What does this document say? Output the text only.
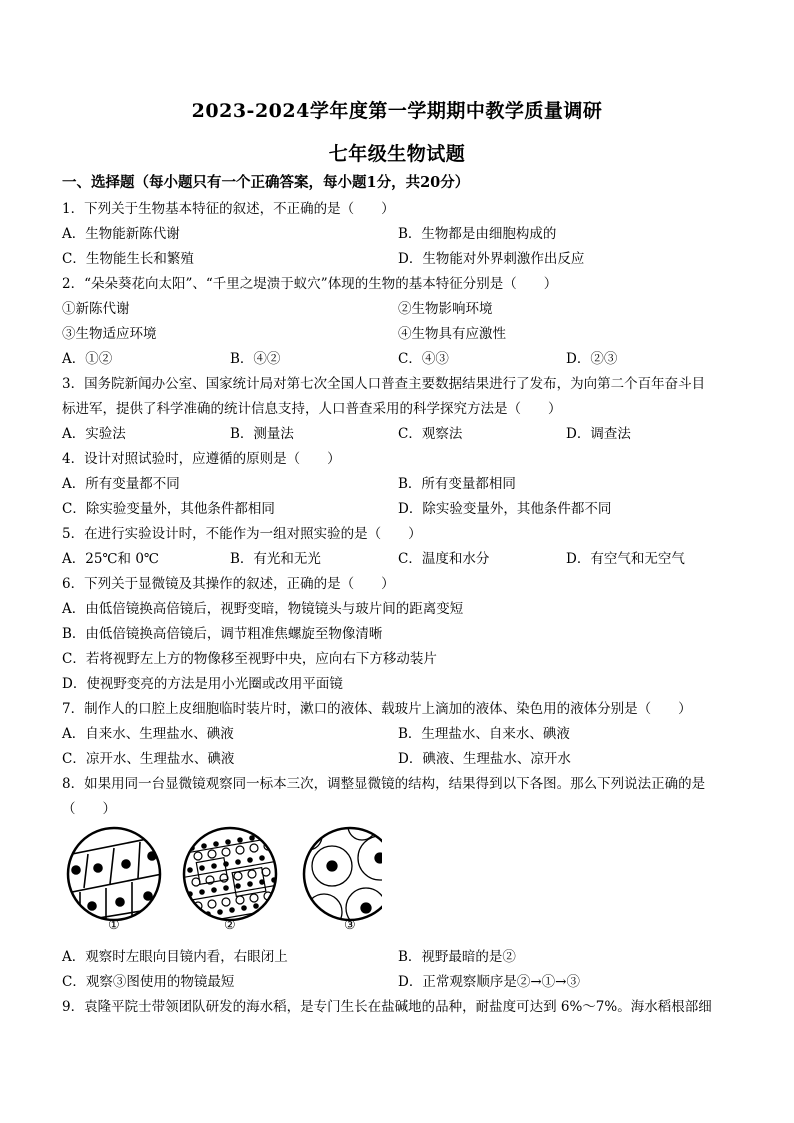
2023-2024学年度第一学期期中教学质量调研
七年级生物试题
一、选择题（每小题只有一个正确答案，每小题1分，共20分）
1．下列关于生物基本特征的叙述，不正确的是（　　）
A．生物能新陈代谢	B．生物都是由细胞构成的
C．生物能生长和繁殖	D．生物能对外界刺激作出反应
2．“朵朵葵花向太阳”、“千里之堤溃于蚁穴”体现的生物的基本特征分别是（　　）
①新陈代谢	②生物影响环境
③生物适应环境	④生物具有应激性
A．①②	B．④②	C．④③	D．②③
3．国务院新闻办公室、国家统计局对第七次全国人口普查主要数据结果进行了发布，为向第二个百年奋斗目
标进军，提供了科学准确的统计信息支持，人口普查采用的科学探究方法是（　　）
A．实验法	B．测量法	C．观察法	D．调查法
4．设计对照试验时，应遵循的原则是（　　）
A．所有变量都不同	B．所有变量都相同
C．除实验变量外，其他条件都相同	D．除实验变量外，其他条件都不同
5．在进行实验设计时，不能作为一组对照实验的是（　　）
A．25℃和 0℃	B．有光和无光	C．温度和水分	D．有空气和无空气
6．下列关于显微镜及其操作的叙述，正确的是（　　）
A．由低倍镜换高倍镜后，视野变暗，物镜镜头与玻片间的距离变短
B．由低倍镜换高倍镜后，调节粗准焦螺旋至物像清晰
C．若将视野左上方的物像移至视野中央，应向右下方移动装片
D．使视野变亮的方法是用小光圈或改用平面镜
7．制作人的口腔上皮细胞临时装片时，漱口的液体、载玻片上滴加的液体、染色用的液体分别是（　　）
A．自来水、生理盐水、碘液	B．生理盐水、自来水、碘液
C．凉开水、生理盐水、碘液	D．碘液、生理盐水、凉开水
8．如果用同一台显微镜观察同一标本三次，调整显微镜的结构，结果得到以下各图。那么下列说法正确的是
（　　）
①	②	③
A．观察时左眼向目镜内看，右眼闭上	B．视野最暗的是②
C．观察③图使用的物镜最短	D．正常观察顺序是②→①→③
9．袁隆平院士带领团队研发的海水稻，是专门生长在盐碱地的品种，耐盐度可达到 6%～7%。海水稻根部细
